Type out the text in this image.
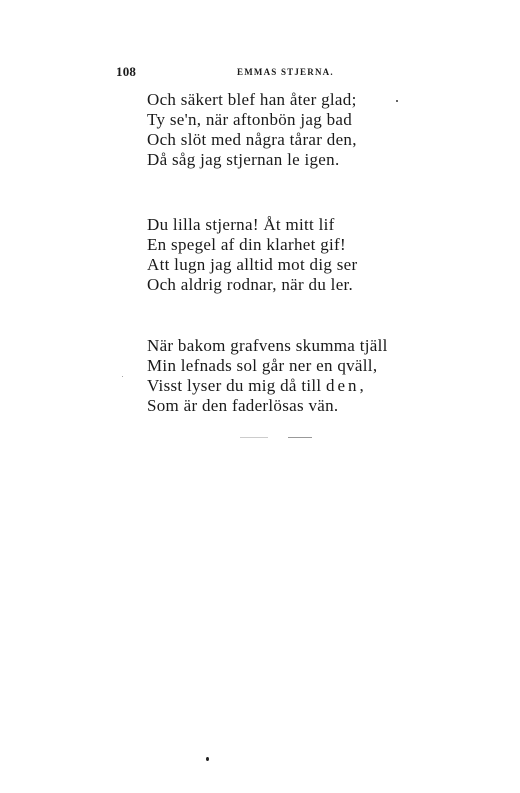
108	EMMAS STJERNA.
Och säkert blef han åter glad;
Ty se'n, när aftonbön jag bad
Och slöt med några tårar den,
Då såg jag stjernan le igen.
Du lilla stjerna! Åt mitt lif
En spegel af din klarhet gif!
Att lugn jag alltid mot dig ser
Och aldrig rodnar, när du ler.
När bakom grafvens skumma tjäll
Min lefnads sol går ner en qväll,
Visst lyser du mig då till den,
Som är den faderlösas vän.
